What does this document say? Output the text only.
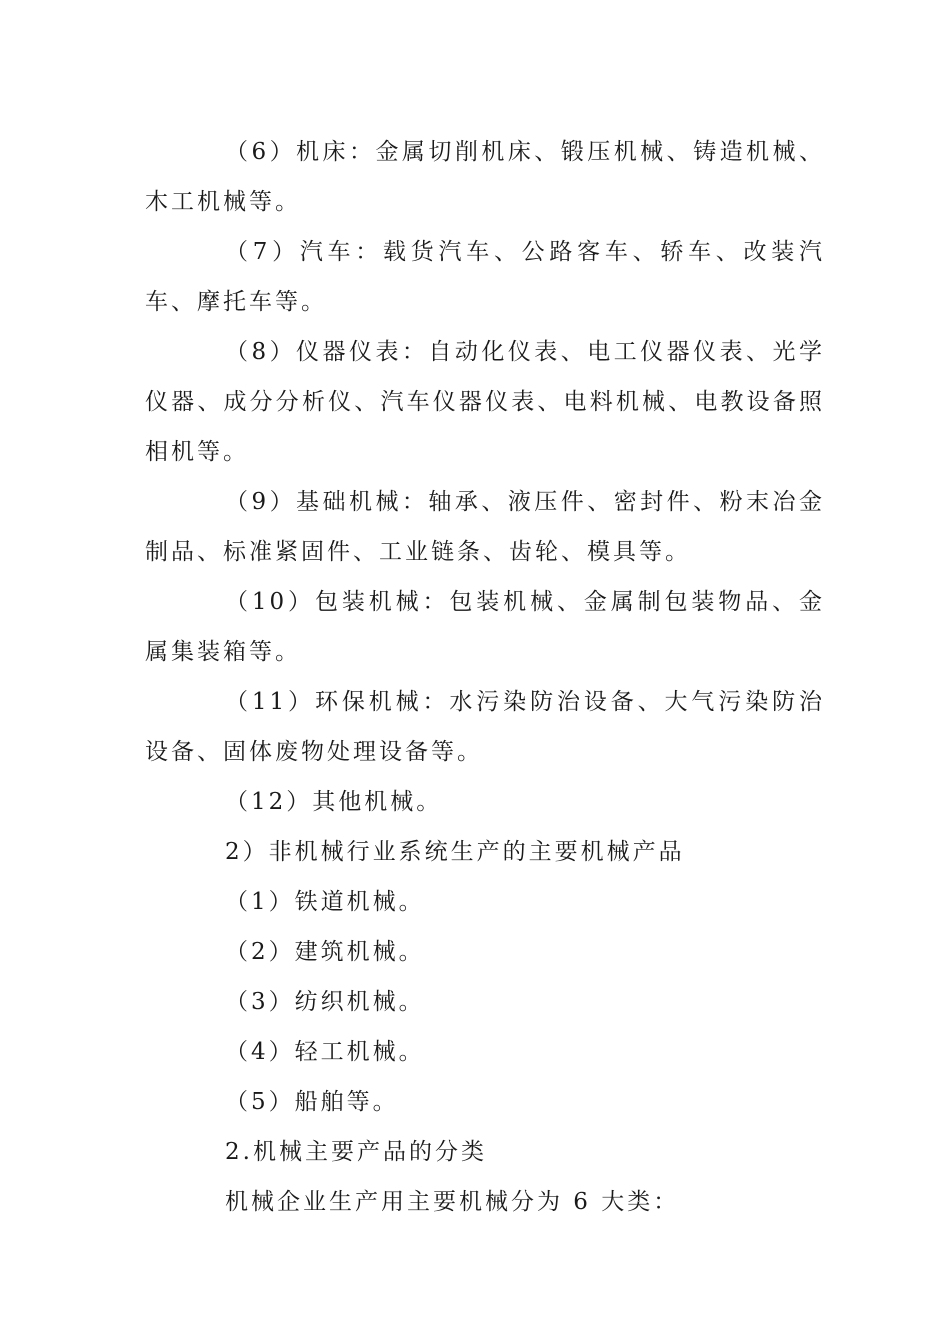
（6）机床：金属切削机床、锻压机械、铸造机械、木工机械等。

（7）汽车：载货汽车、公路客车、轿车、改装汽车、摩托车等。

（8）仪器仪表：自动化仪表、电工仪器仪表、光学仪器、成分分析仪、汽车仪器仪表、电料机械、电教设备照相机等。

（9）基础机械：轴承、液压件、密封件、粉末冶金制品、标准紧固件、工业链条、齿轮、模具等。

（10）包装机械：包装机械、金属制包装物品、金属集装箱等。

（11）环保机械：水污染防治设备、大气污染防治设备、固体废物处理设备等。

（12）其他机械。

2）非机械行业系统生产的主要机械产品

（1）铁道机械。

（2）建筑机械。

（3）纺织机械。

（4）轻工机械。

（5）船舶等。

2.机械主要产品的分类

机械企业生产用主要机械分为 6 大类：
